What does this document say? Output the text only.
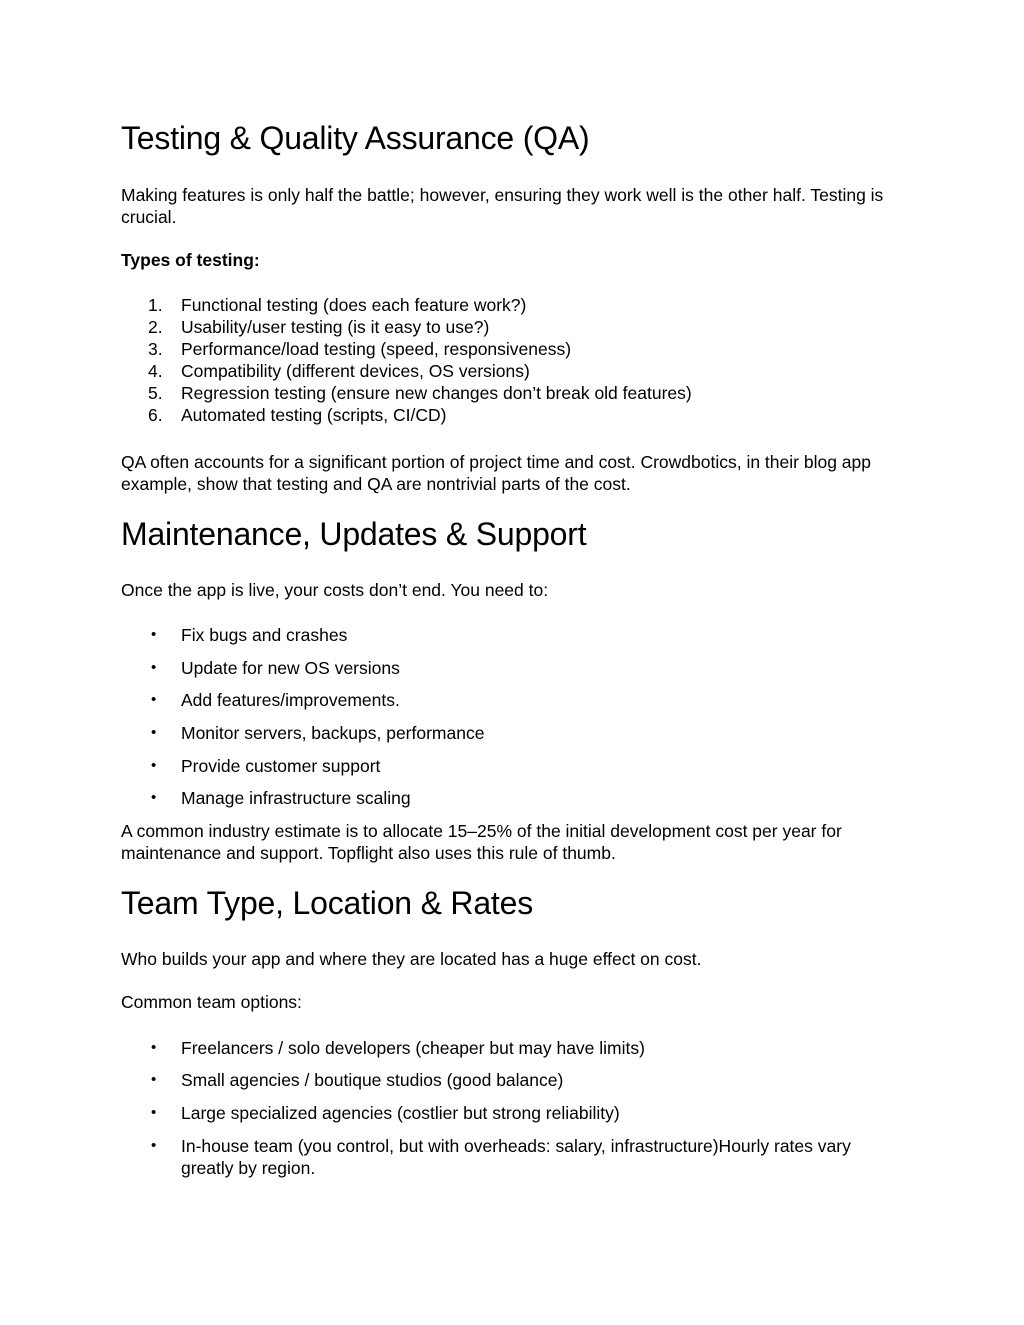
Testing & Quality Assurance (QA)

Making features is only half the battle; however, ensuring they work well is the other half. Testing is crucial.

Types of testing:

1.	Functional testing (does each feature work?)
2.	Usability/user testing (is it easy to use?)
3.	Performance/load testing (speed, responsiveness)
4.	Compatibility (different devices, OS versions)
5.	Regression testing (ensure new changes don’t break old features)
6.	Automated testing (scripts, CI/CD)

QA often accounts for a significant portion of project time and cost. Crowdbotics, in their blog app example, show that testing and QA are nontrivial parts of the cost.

Maintenance, Updates & Support

Once the app is live, your costs don’t end. You need to:

• Fix bugs and crashes
• Update for new OS versions
• Add features/improvements.
• Monitor servers, backups, performance
• Provide customer support
• Manage infrastructure scaling

A common industry estimate is to allocate 15–25% of the initial development cost per year for maintenance and support. Topflight also uses this rule of thumb.

Team Type, Location & Rates

Who builds your app and where they are located has a huge effect on cost.

Common team options:

• Freelancers / solo developers (cheaper but may have limits)
• Small agencies / boutique studios (good balance)
• Large specialized agencies (costlier but strong reliability)
• In-house team (you control, but with overheads: salary, infrastructure)Hourly rates vary greatly by region.
